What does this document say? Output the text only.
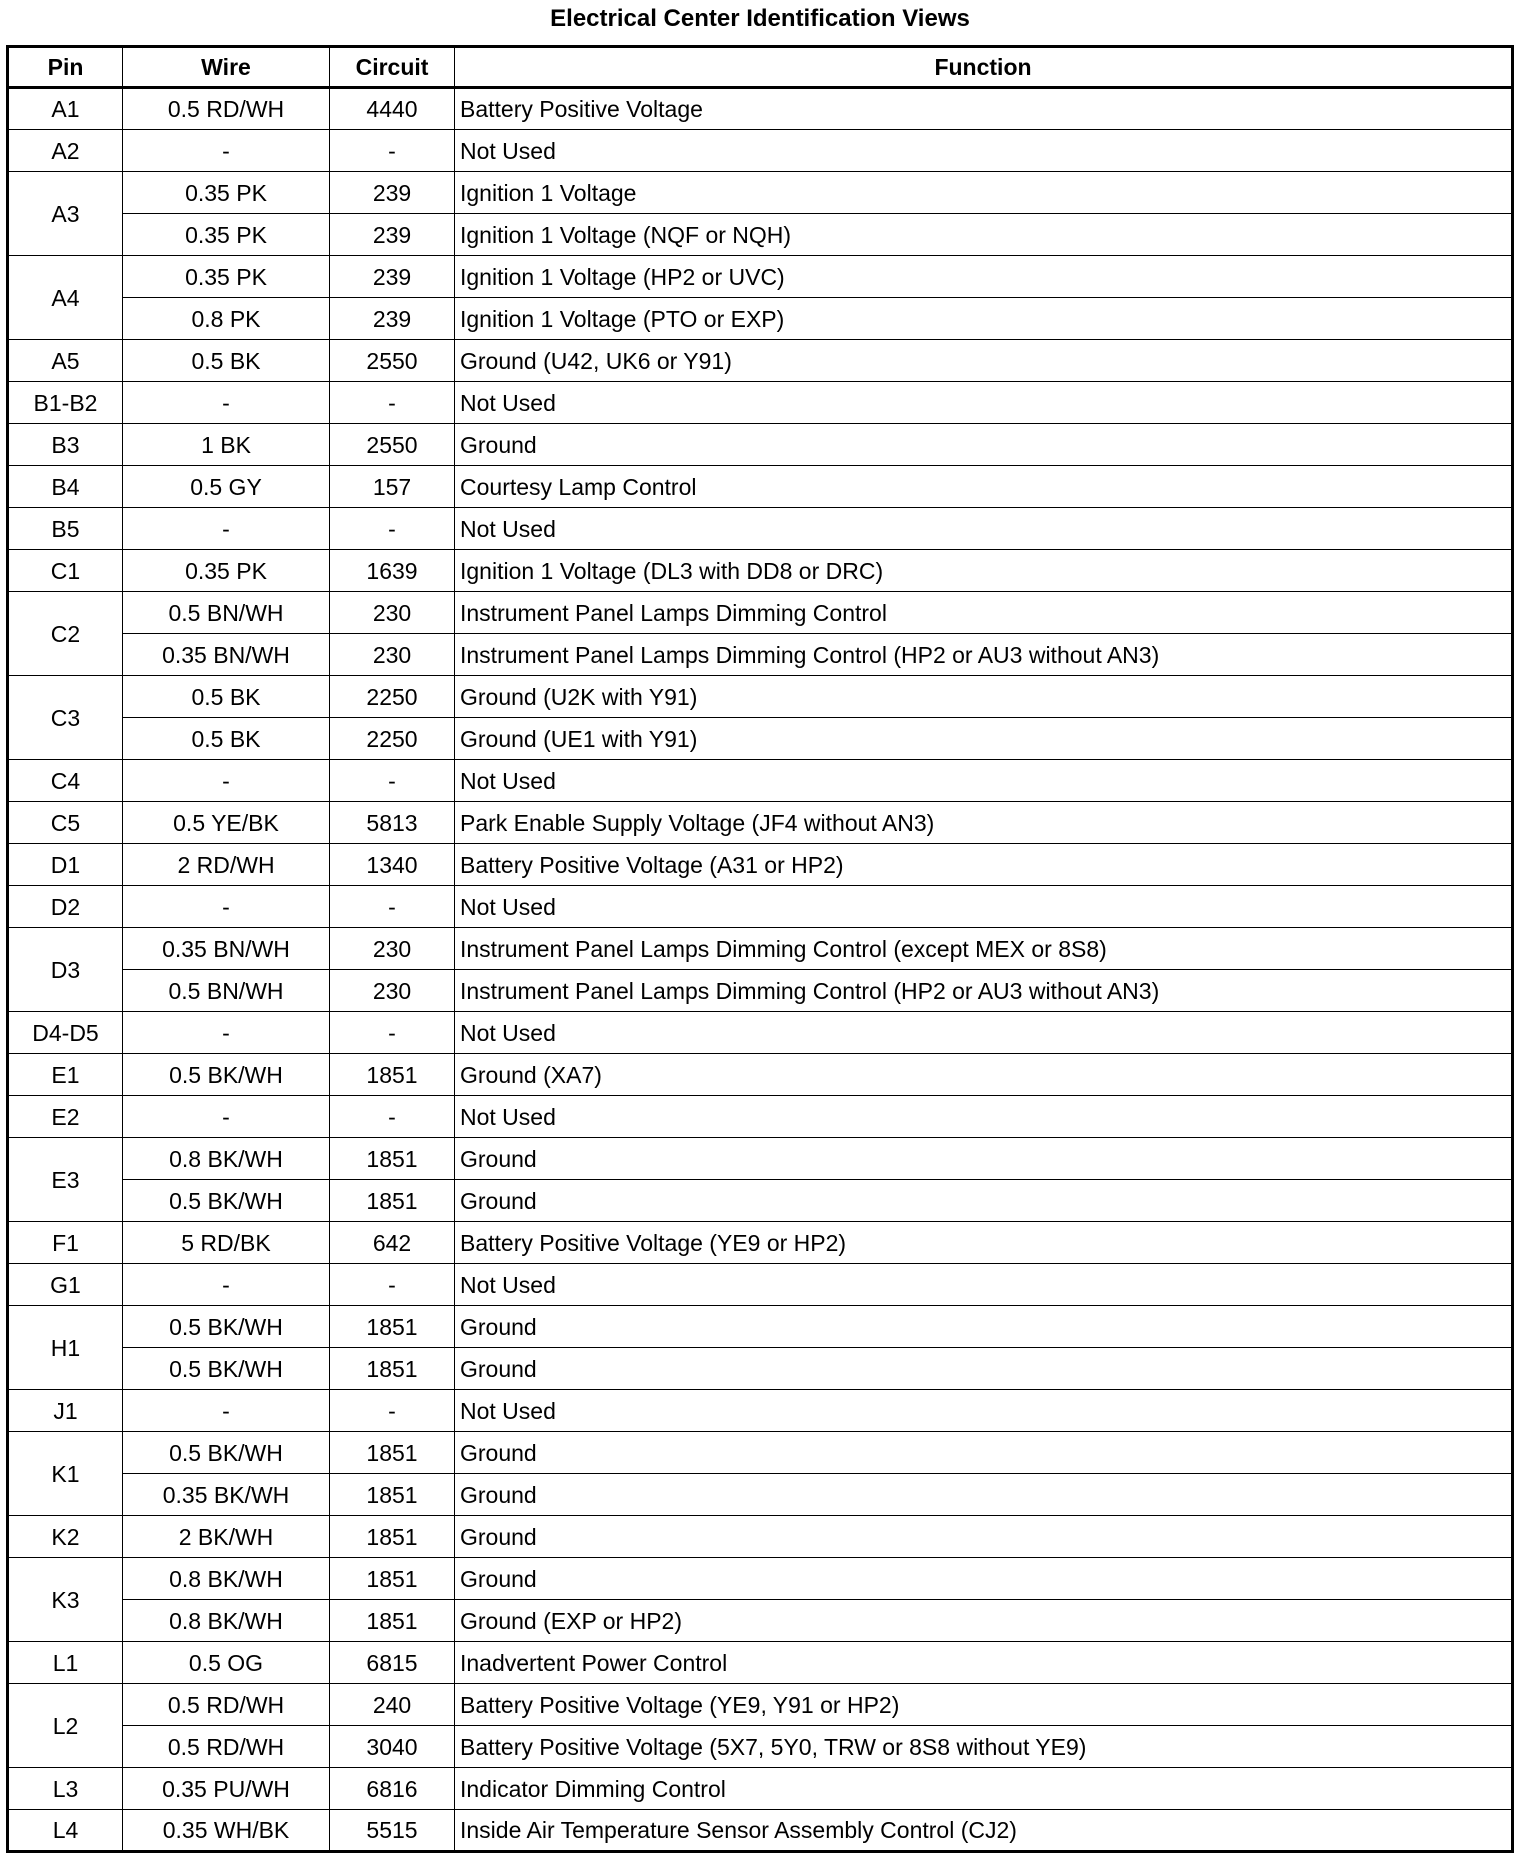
Electrical Center Identification Views
Pin	Wire	Circuit	Function
A1	0.5 RD/WH	4440	Battery Positive Voltage
A2	-	-	Not Used
A3	0.35 PK	239	Ignition 1 Voltage
	0.35 PK	239	Ignition 1 Voltage (NQF or NQH)
A4	0.35 PK	239	Ignition 1 Voltage (HP2 or UVC)
	0.8 PK	239	Ignition 1 Voltage (PTO or EXP)
A5	0.5 BK	2550	Ground (U42, UK6 or Y91)
B1-B2	-	-	Not Used
B3	1 BK	2550	Ground
B4	0.5 GY	157	Courtesy Lamp Control
B5	-	-	Not Used
C1	0.35 PK	1639	Ignition 1 Voltage (DL3 with DD8 or DRC)
C2	0.5 BN/WH	230	Instrument Panel Lamps Dimming Control
	0.35 BN/WH	230	Instrument Panel Lamps Dimming Control (HP2 or AU3 without AN3)
C3	0.5 BK	2250	Ground (U2K with Y91)
	0.5 BK	2250	Ground (UE1 with Y91)
C4	-	-	Not Used
C5	0.5 YE/BK	5813	Park Enable Supply Voltage (JF4 without AN3)
D1	2 RD/WH	1340	Battery Positive Voltage (A31 or HP2)
D2	-	-	Not Used
D3	0.35 BN/WH	230	Instrument Panel Lamps Dimming Control (except MEX or 8S8)
	0.5 BN/WH	230	Instrument Panel Lamps Dimming Control (HP2 or AU3 without AN3)
D4-D5	-	-	Not Used
E1	0.5 BK/WH	1851	Ground (XA7)
E2	-	-	Not Used
E3	0.8 BK/WH	1851	Ground
	0.5 BK/WH	1851	Ground
F1	5 RD/BK	642	Battery Positive Voltage (YE9 or HP2)
G1	-	-	Not Used
H1	0.5 BK/WH	1851	Ground
	0.5 BK/WH	1851	Ground
J1	-	-	Not Used
K1	0.5 BK/WH	1851	Ground
	0.35 BK/WH	1851	Ground
K2	2 BK/WH	1851	Ground
K3	0.8 BK/WH	1851	Ground
	0.8 BK/WH	1851	Ground (EXP or HP2)
L1	0.5 OG	6815	Inadvertent Power Control
L2	0.5 RD/WH	240	Battery Positive Voltage (YE9, Y91 or HP2)
	0.5 RD/WH	3040	Battery Positive Voltage (5X7, 5Y0, TRW or 8S8 without YE9)
L3	0.35 PU/WH	6816	Indicator Dimming Control
L4	0.35 WH/BK	5515	Inside Air Temperature Sensor Assembly Control (CJ2)
